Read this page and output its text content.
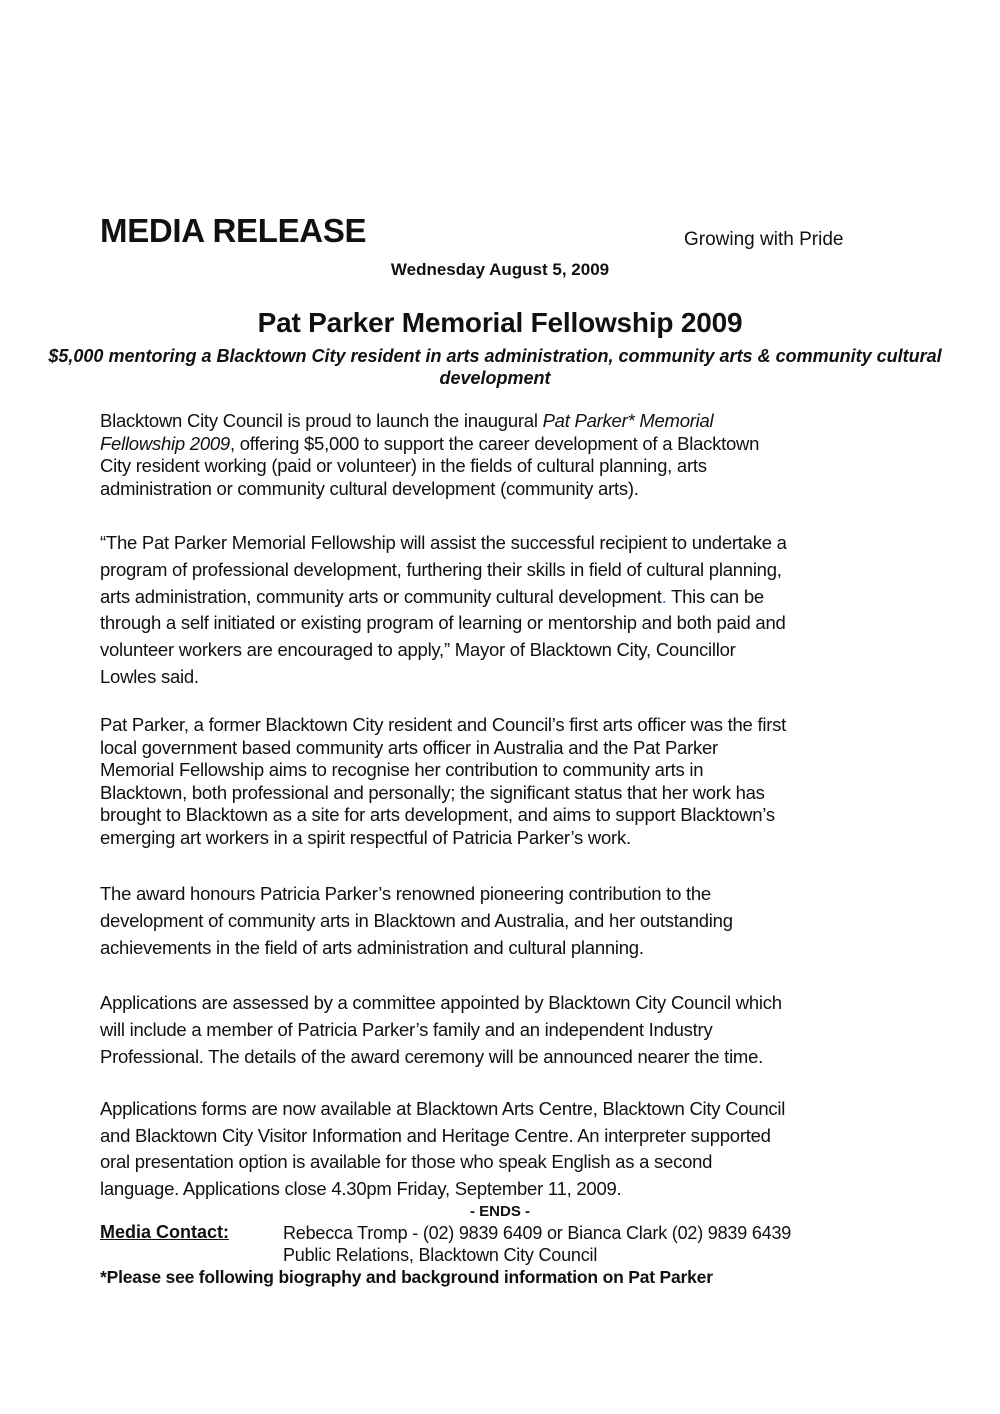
MEDIA RELEASE	Growing with Pride
Wednesday August 5, 2009
Pat Parker Memorial Fellowship 2009
$5,000 mentoring a Blacktown City resident in arts administration, community arts & community cultural development
Blacktown City Council is proud to launch the inaugural Pat Parker* Memorial
Fellowship 2009, offering $5,000 to support the career development of a Blacktown
City resident working (paid or volunteer) in the fields of cultural planning, arts
administration or community cultural development (community arts).
“The Pat Parker Memorial Fellowship will assist the successful recipient to undertake a
program of professional development, furthering their skills in field of cultural planning,
arts administration, community arts or community cultural development. This can be
through a self initiated or existing program of learning or mentorship and both paid and
volunteer workers are encouraged to apply,” Mayor of Blacktown City, Councillor
Lowles said.
Pat Parker, a former Blacktown City resident and Council’s first arts officer was the first
local government based community arts officer in Australia and the Pat Parker
Memorial Fellowship aims to recognise her contribution to community arts in
Blacktown, both professional and personally; the significant status that her work has
brought to Blacktown as a site for arts development, and aims to support Blacktown’s
emerging art workers in a spirit respectful of Patricia Parker’s work.
The award honours Patricia Parker’s renowned pioneering contribution to the
development of community arts in Blacktown and Australia, and her outstanding
achievements in the field of arts administration and cultural planning.
Applications are assessed by a committee appointed by Blacktown City Council which
will include a member of Patricia Parker’s family and an independent Industry
Professional. The details of the award ceremony will be announced nearer the time.
Applications forms are now available at Blacktown Arts Centre, Blacktown City Council
and Blacktown City Visitor Information and Heritage Centre. An interpreter supported
oral presentation option is available for those who speak English as a second
language. Applications close 4.30pm Friday, September 11, 2009.
- ENDS -
Media Contact:	Rebecca Tromp - (02) 9839 6409 or Bianca Clark (02) 9839 6439
Public Relations, Blacktown City Council
*Please see following biography and background information on Pat Parker
